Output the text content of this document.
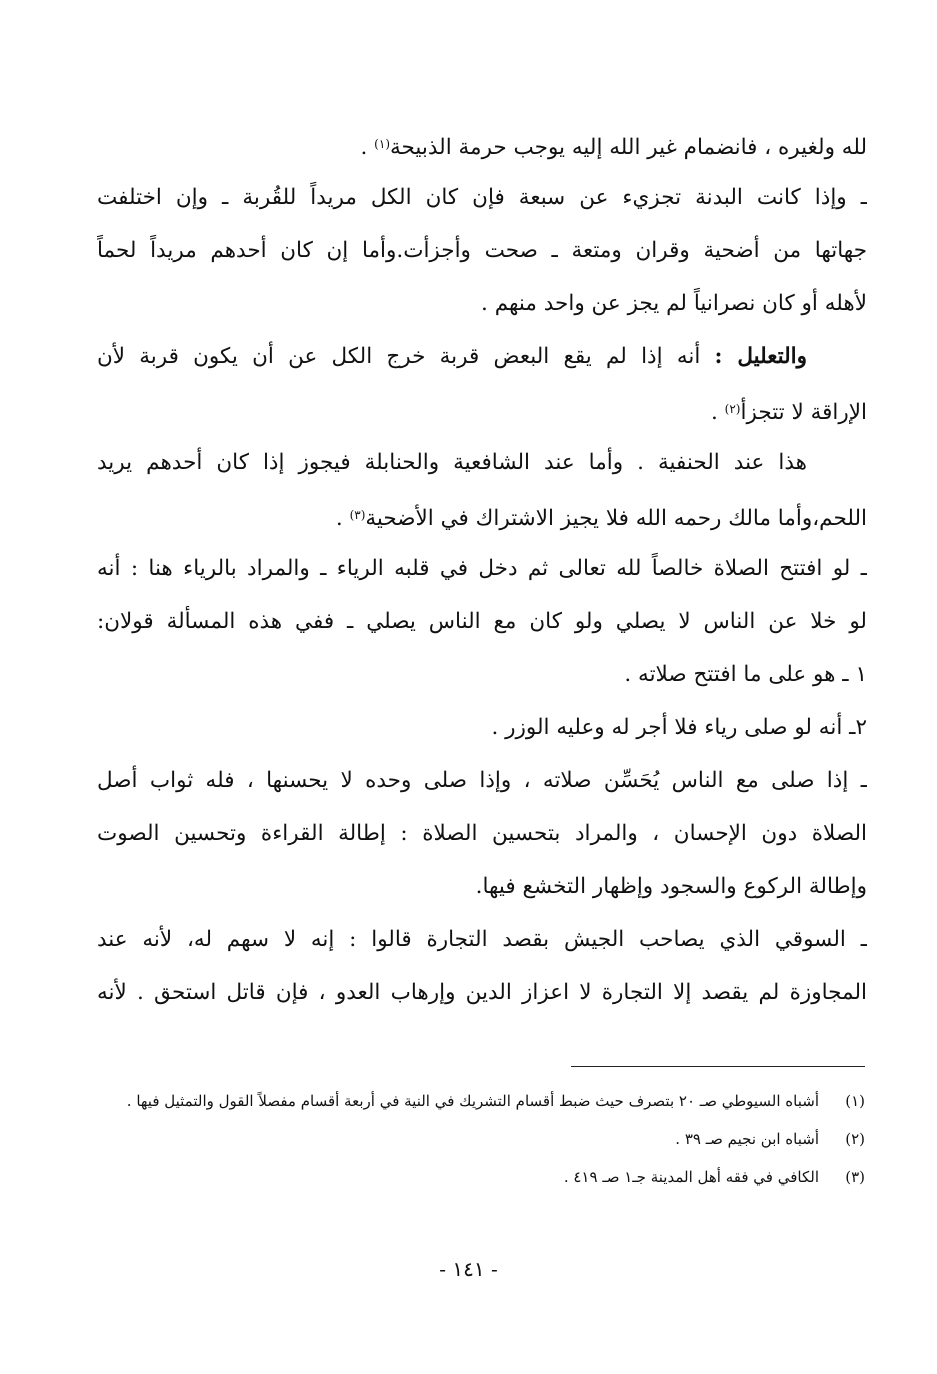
لله ولغيره ، فانضمام غير الله إليه يوجب حرمة الذبيحة$^{(١)}$ .
ـ وإذا كانت البدنة تجزيء عن سبعة فإن كان الكل مريداً للقُربة ـ وإن اختلفت
جهاتها من أضحية وقران ومتعة ـ صحت وأجزأت.وأما إن كان أحدهم مريداً لحماً
لأهله أو كان نصرانياً لم يجز عن واحد منهم .
والتعليل : أنه إذا لم يقع البعض قربة خرج الكل عن أن يكون قربة لأن
الإراقة لا تتجزأ$^{(٢)}$ .
هذا عند الحنفية . وأما عند الشافعية والحنابلة فيجوز إذا كان أحدهم يريد
اللحم،وأما مالك رحمه الله فلا يجيز الاشتراك في الأضحية$^{(٣)}$ .
ـ لو افتتح الصلاة خالصاً لله تعالى ثم دخل في قلبه الرياء ـ والمراد بالرياء هنا : أنه
لو خلا عن الناس لا يصلي ولو كان مع الناس يصلي ـ ففي هذه المسألة قولان:
١ ـ هو على ما افتتح صلاته .
٢ـ أنه لو صلى رياء فلا أجر له وعليه الوزر .
ـ إذا صلى مع الناس يُحَسِّن صلاته ، وإذا صلى وحده لا يحسنها ، فله ثواب أصل
الصلاة دون الإحسان ، والمراد بتحسين الصلاة : إطالة القراءة وتحسين الصوت
وإطالة الركوع والسجود وإظهار التخشع فيها.
ـ السوقي الذي يصاحب الجيش بقصد التجارة قالوا : إنه لا سهم له، لأنه عند
المجاوزة لم يقصد إلا التجارة لا اعزاز الدين وإرهاب العدو ، فإن قاتل استحق . لأنه
(١)
أشباه السيوطي صـ ٢٠ بتصرف حيث ضبط أقسام التشريك في النية في أربعة أقسام مفصلاً القول والتمثيل فيها .
(٢)
أشباه ابن نجيم صـ ٣٩ .
(٣)
الكافي في فقه أهل المدينة جـ١ صـ ٤١٩ .
- ١٤١ -
